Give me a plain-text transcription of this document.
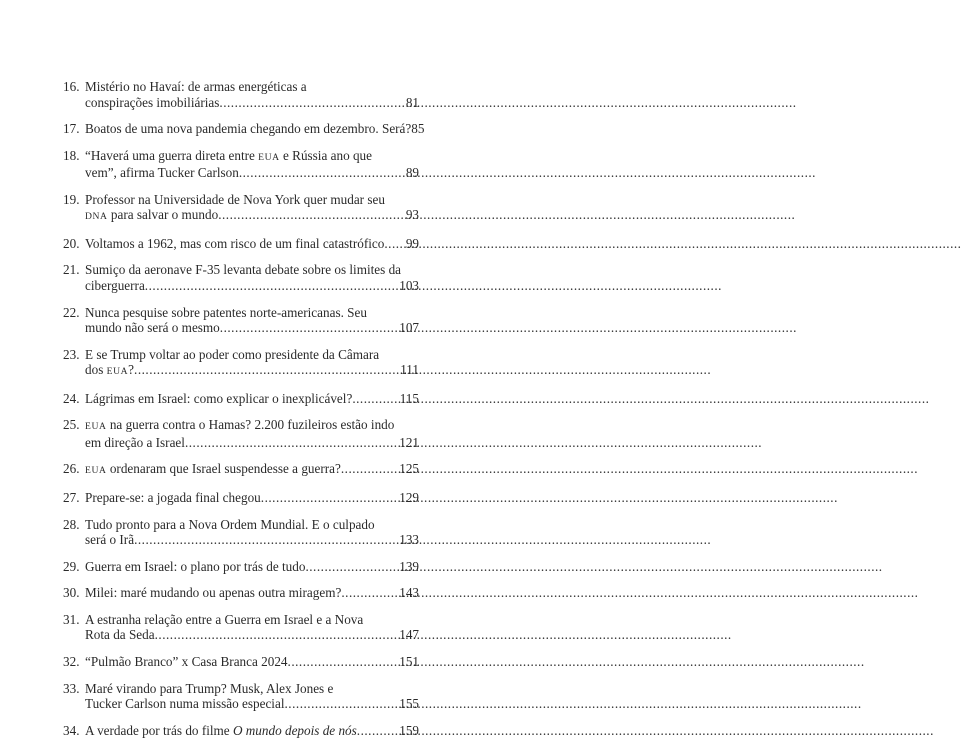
16. Mistério no Havaí: de armas energéticas a
conspirações imobiliárias .....	81
17. Boatos de uma nova pandemia chegando em dezembro. Será? 85
18. “Haverá uma guerra direta entre EUA e Rússia ano que
vem”, afirma Tucker Carlson .....	89
19. Professor na Universidade de Nova York quer mudar seu
DNA para salvar o mundo .....	93
20. Voltamos a 1962, mas com risco de um final catastrófico ..... 99
21. Sumiço da aeronave F-35 levanta debate sobre os limites da
ciberguerra .....	103
22. Nunca pesquise sobre patentes norte-americanas. Seu
mundo não será o mesmo .....	107
23. E se Trump voltar ao poder como presidente da Câmara
dos EUA? .....	111
24. Lágrimas em Israel: como explicar o inexplicável? .....	115
25. EUA na guerra contra o Hamas? 2.200 fuzileiros estão indo
em direção a Israel .....	121
26. EUA ordenaram que Israel suspendesse a guerra? .....	125
27. Prepare-se: a jogada final chegou .....	129
28. Tudo pronto para a Nova Ordem Mundial. E o culpado
será o Irã .....	133
29. Guerra em Israel: o plano por trás de tudo .....	139
30. Milei: maré mudando ou apenas outra miragem? .....	143
31. A estranha relação entre a Guerra em Israel e a Nova
Rota da Seda .....	147
32. “Pulmão Branco” x Casa Branca 2024 .....	151
33. Maré virando para Trump? Musk, Alex Jones e
Tucker Carlson numa missão especial .....	155
34. A verdade por trás do filme O mundo depois de nós .....	159
